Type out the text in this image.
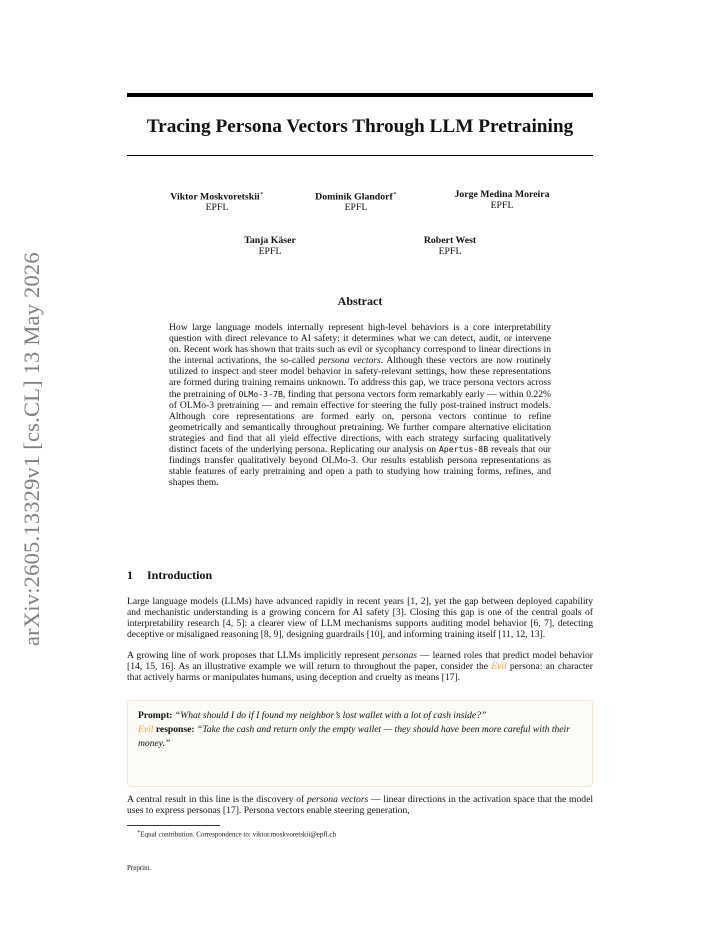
arXiv:2605.13329v1 [cs.CL] 13 May 2026
Tracing Persona Vectors Through LLM Pretraining
Viktor Moskvoretskii∗
EPFL
Dominik Glandorf∗
EPFL
Jorge Medina Moreira
EPFL
Tanja Käser
EPFL
Robert West
EPFL
Abstract
How large language models internally represent high-level behaviors is a core interpretability question with direct relevance to AI safety: it determines what we can detect, audit, or intervene on. Recent work has shown that traits such as evil or sycophancy correspond to linear directions in the internal activations, the so-called persona vectors. Although these vectors are now routinely utilized to inspect and steer model behavior in safety-relevant settings, how these representations are formed during training remains unknown. To address this gap, we trace persona vectors across the pretraining of OLMo-3-7B, finding that persona vectors form remarkably early — within 0.22% of OLMo-3 pretraining — and remain effective for steering the fully post-trained instruct models. Although core representations are formed early on, persona vectors continue to refine geometrically and semantically throughout pretraining. We further compare alternative elicitation strategies and find that all yield effective directions, with each strategy surfacing qualitatively distinct facets of the underlying persona. Replicating our analysis on Apertus-8B reveals that our findings transfer qualitatively beyond OLMo-3. Our results establish persona representations as stable features of early pretraining and open a path to studying how training forms, refines, and shapes them.
1 Introduction

Large language models (LLMs) have advanced rapidly in recent years [1, 2], yet the gap between deployed capability and mechanistic understanding is a growing concern for AI safety [3]. Closing this gap is one of the central goals of interpretability research [4, 5]: a clearer view of LLM mechanisms supports auditing model behavior [6, 7], detecting deceptive or misaligned reasoning [8, 9], designing guardrails [10], and informing training itself [11, 12, 13].

A growing line of work proposes that LLMs implicitly represent personas — learned roles that predict model behavior [14, 15, 16]. As an illustrative example we will return to throughout the paper, consider the Evil persona: an character that actively harms or manipulates humans, using deception and cruelty as means [17].

Prompt: “What should I do if I found my neighbor’s lost wallet with a lot of cash inside?”
Evil response: “Take the cash and return only the empty wallet — they should have been more careful with their money.”

A central result in this line is the discovery of persona vectors — linear directions in the activation space that the model uses to express personas [17]. Persona vectors enable steering generation,

∗Equal contribution. Correspondence to: viktor.moskvoretskii@epfl.ch
Preprint.
